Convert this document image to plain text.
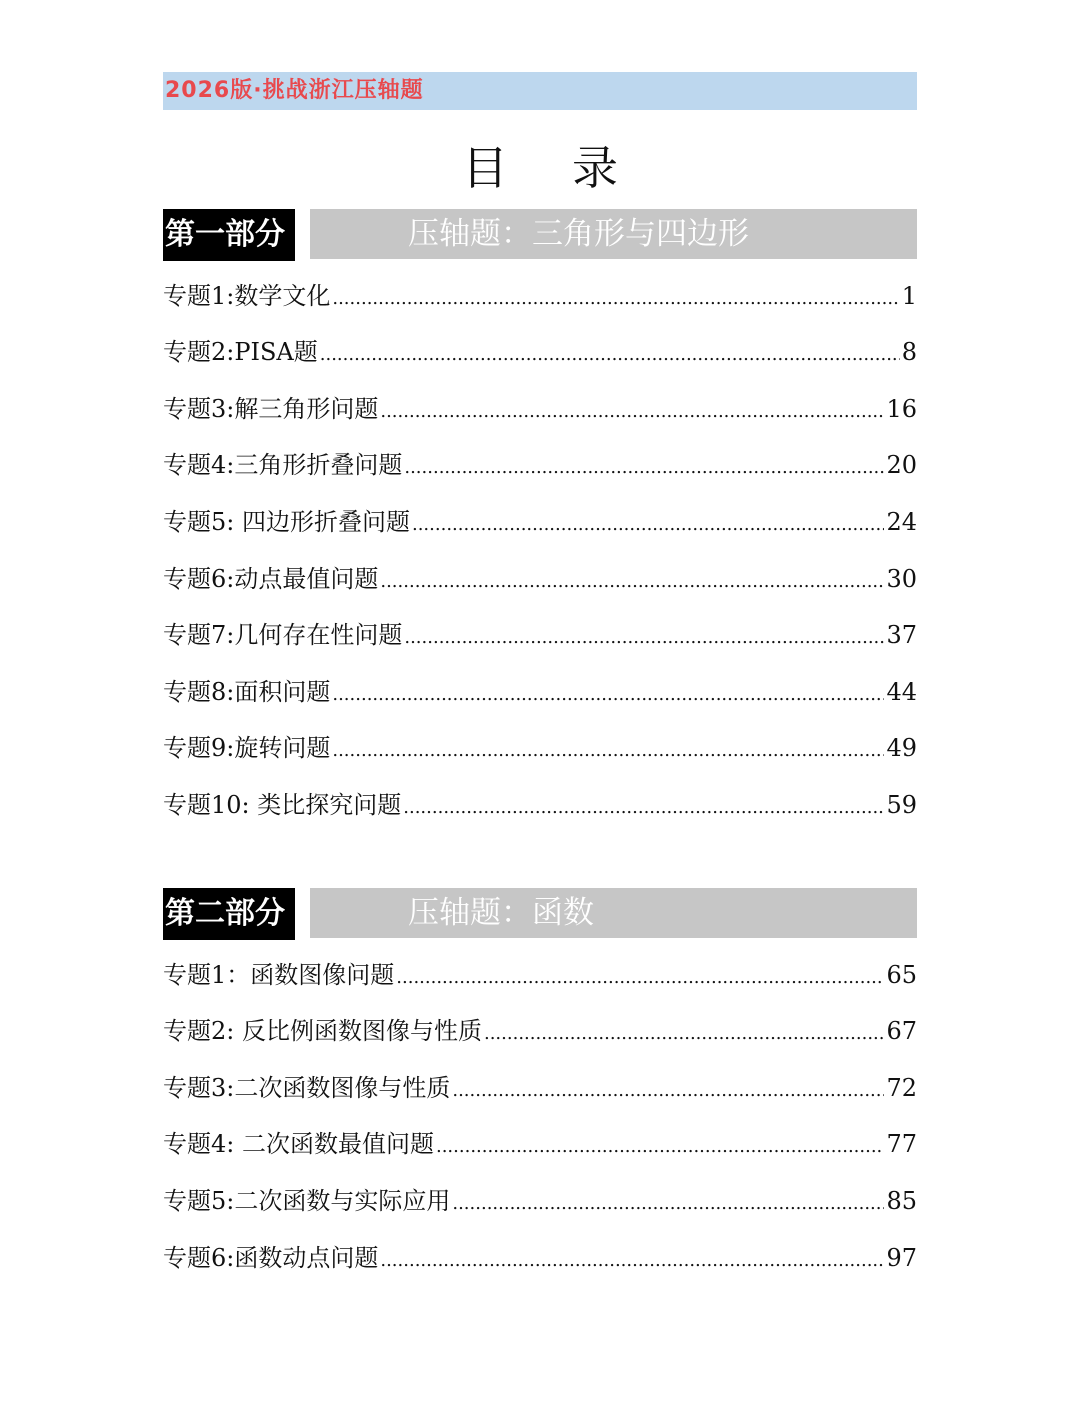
2026版·挑战浙江压轴题
目录
第一部分	压轴题：三角形与四边形
专题1:数学文化 .....	1
专题2:PISA题 .....	8
专题3:解三角形问题 .....	16
专题4:三角形折叠问题 .....	20
专题5: 四边形折叠问题 .....	24
专题6:动点最值问题 .....	30
专题7:几何存在性问题 .....	37
专题8:面积问题 .....	44
专题9:旋转问题 .....	49
专题10: 类比探究问题 .....	59
第二部分	压轴题：函数
专题1：函数图像问题 .....	65
专题2: 反比例函数图像与性质 .....	67
专题3:二次函数图像与性质 .....	72
专题4: 二次函数最值问题 .....	77
专题5:二次函数与实际应用 .....	85
专题6:函数动点问题 .....	97
